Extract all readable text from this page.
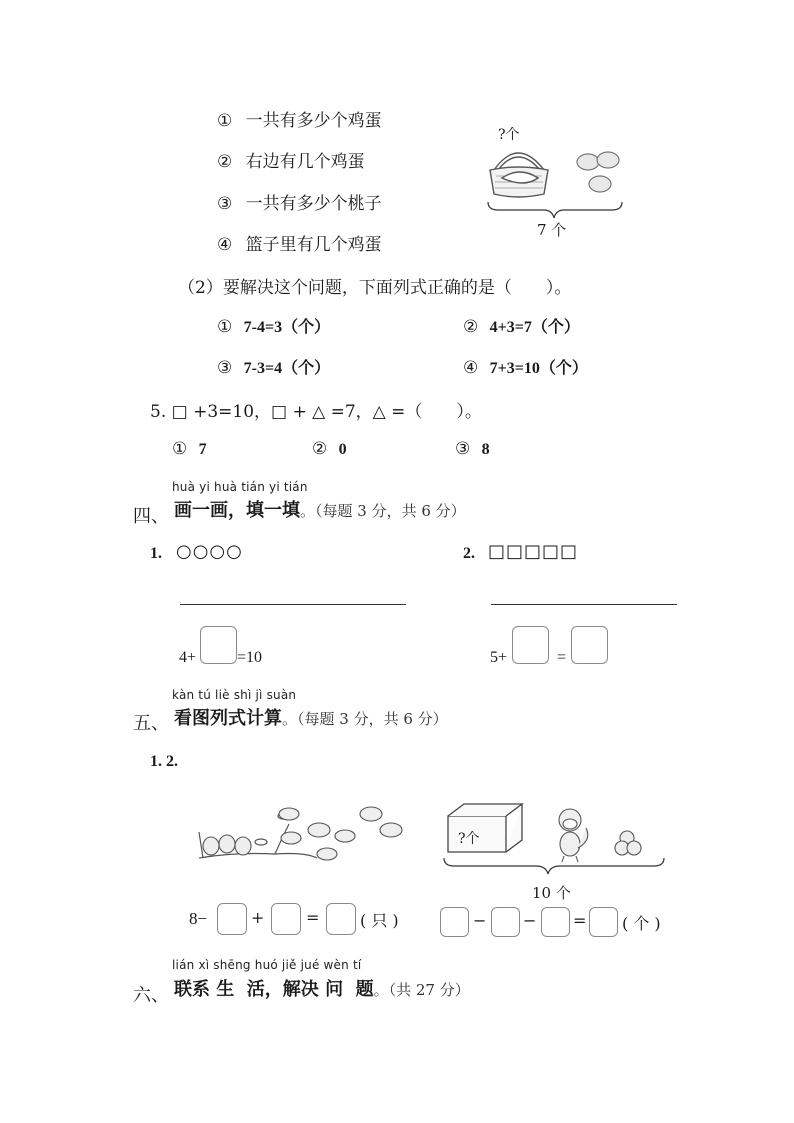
① 一共有多少个鸡蛋
② 右边有几个鸡蛋
③ 一共有多少个桃子
④ 篮子里有几个鸡蛋
?个
7 个
（2）要解决这个问题，下面列式正确的是（　　）。
① 7-4=3（个）	② 4+3=7（个）
③ 7-3=4（个）	④ 7+3=10（个）
5. □ +3=10，□ + △ =7，△ =（　　）。
① 7	② 0	③ 8
huà yi huà tián yi tián
四、 画一画，填一填。（每题 3 分，共 6 分）
1. ○○○○
4+	=10
2. □□□□□
5+	=
kàn tú liè shì jì suàn
五、 看图列式计算。（每题 3 分，共 6 分）
1. 2.
?个
10 个
8−	+	=	( 只 )	− − = ( 个 )
lián xì shēng huó jiě jué wèn tí
六、 联系 生  活，解决 问  题。（共 27 分）
